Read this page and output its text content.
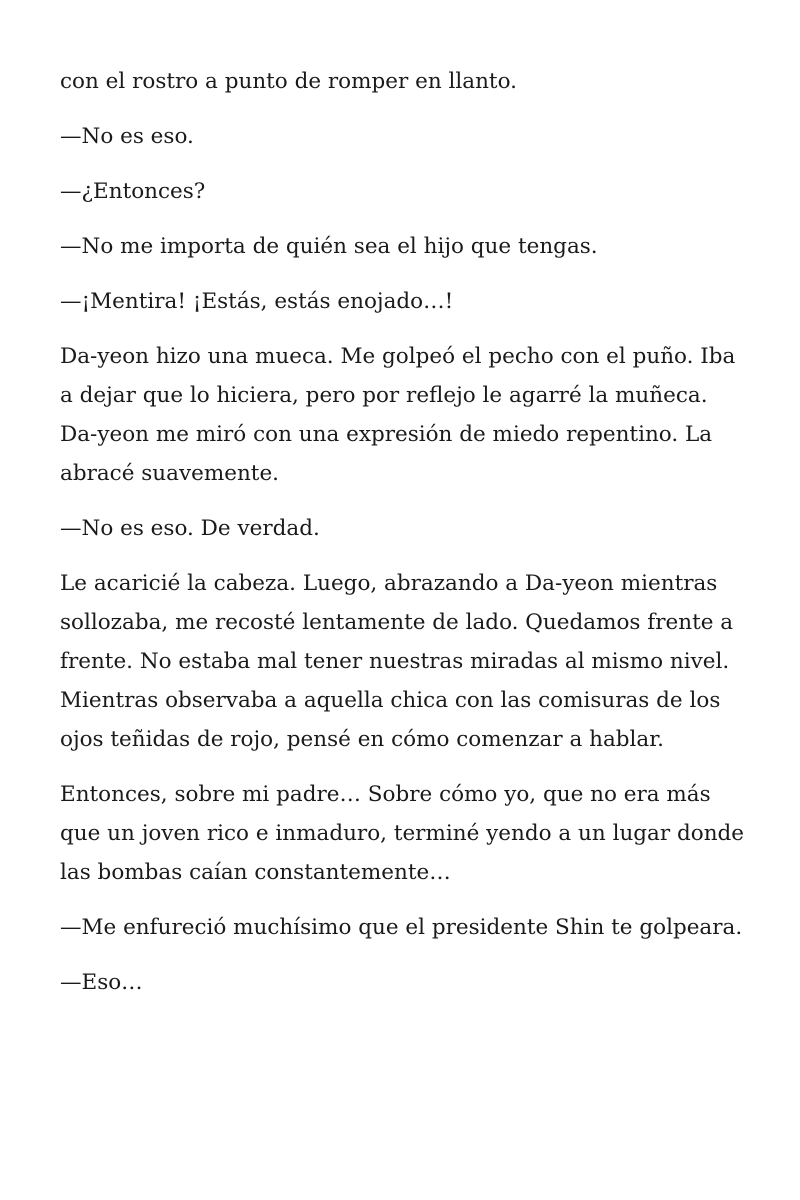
con el rostro a punto de romper en llanto.

—No es eso.

—¿Entonces?

—No me importa de quién sea el hijo que tengas.

—¡Mentira! ¡Estás, estás enojado…!

Da-yeon hizo una mueca. Me golpeó el pecho con el puño. Iba a dejar que lo hiciera, pero por reflejo le agarré la muñeca. Da-yeon me miró con una expresión de miedo repentino. La abracé suavemente.

—No es eso. De verdad.

Le acaricié la cabeza. Luego, abrazando a Da-yeon mientras sollozaba, me recosté lentamente de lado. Quedamos frente a frente. No estaba mal tener nuestras miradas al mismo nivel. Mientras observaba a aquella chica con las comisuras de los ojos teñidas de rojo, pensé en cómo comenzar a hablar.

Entonces, sobre mi padre… Sobre cómo yo, que no era más que un joven rico e inmaduro, terminé yendo a un lugar donde las bombas caían constantemente…

—Me enfureció muchísimo que el presidente Shin te golpeara.

—Eso…
